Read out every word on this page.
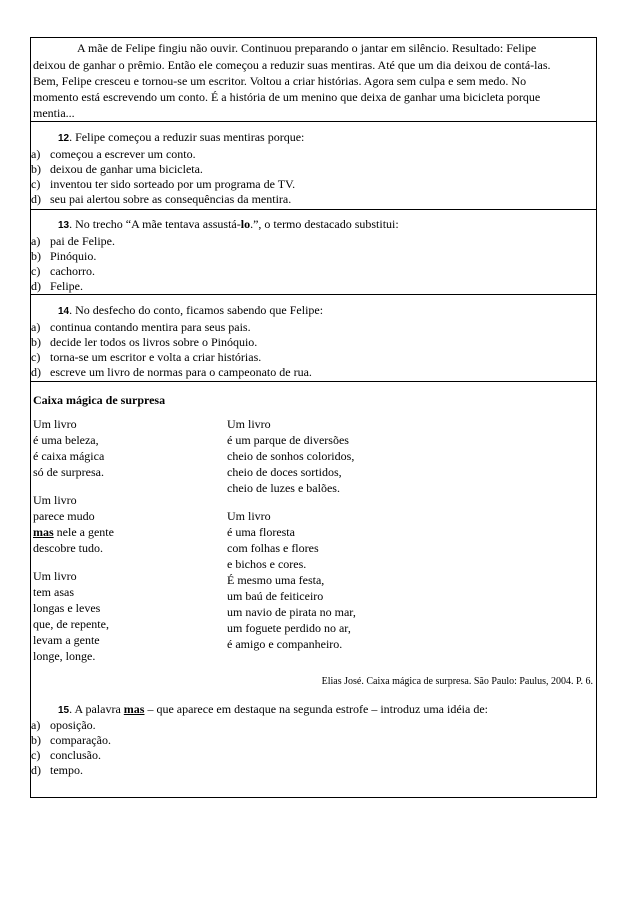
A mãe de Felipe fingiu não ouvir. Continuou preparando o jantar em silêncio. Resultado: Felipe
deixou de ganhar o prêmio. Então ele começou a reduzir suas mentiras. Até que um dia deixou de contá-las.
Bem, Felipe cresceu e tornou-se um escritor. Voltou a criar histórias. Agora sem culpa e sem medo. No
momento está escrevendo um conto. É a história de um menino que deixa de ganhar uma bicicleta porque
mentia...
12. Felipe começou a reduzir suas mentiras porque:
a) começou a escrever um conto.
b) deixou de ganhar uma bicicleta.
c) inventou ter sido sorteado por um programa de TV.
d) seu pai alertou sobre as consequências da mentira.
13. No trecho “A mãe tentava assustá-lo.”, o termo destacado substitui:
a) pai de Felipe.
b) Pinóquio.
c) cachorro.
d) Felipe.
14. No desfecho do conto, ficamos sabendo que Felipe:
a) continua contando mentira para seus pais.
b) decide ler todos os livros sobre o Pinóquio.
c) torna-se um escritor e volta a criar histórias.
d) escreve um livro de normas para o campeonato de rua.
Caixa mágica de surpresa
Um livro
é uma beleza,
é caixa mágica
só de surpresa.
Um livro
parece mudo
mas nele a gente
descobre tudo.
Um livro
tem asas
longas e leves
que, de repente,
levam a gente
longe, longe.
Um livro
é um parque de diversões
cheio de sonhos coloridos,
cheio de doces sortidos,
cheio de luzes e balões.
Um livro
é uma floresta
com folhas e flores
e bichos e cores.
É mesmo uma festa,
um baú de feiticeiro
um navio de pirata no mar,
um foguete perdido no ar,
é amigo e companheiro.
Elias José. Caixa mágica de surpresa. São Paulo: Paulus, 2004. P. 6.
15. A palavra mas – que aparece em destaque na segunda estrofe – introduz uma idéia de:
a) oposição.
b) comparação.
c) conclusão.
d) tempo.
